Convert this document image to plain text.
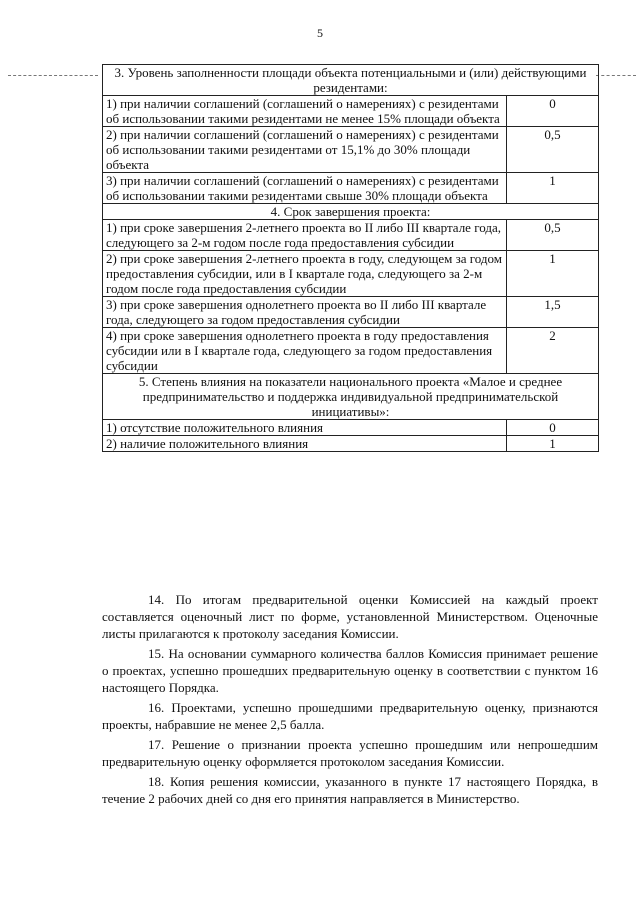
5
3. Уровень заполненности площади объекта потенциальными и (или) действующими резидентами:	
1) при наличии соглашений (соглашений о намерениях) с резидентами об использовании такими резидентами не менее 15% площади объекта	0
2) при наличии соглашений (соглашений о намерениях) с резидентами об использовании такими резидентами от 15,1% до 30% площади объекта	0,5
3) при наличии соглашений (соглашений о намерениях) с резидентами об использовании такими резидентами свыше 30% площади объекта	1
4. Срок завершения проекта:	
1) при сроке завершения 2-летнего проекта во II либо III квартале года, следующего за 2-м годом после года предоставления субсидии	0,5
2) при сроке завершения 2-летнего проекта в году, следующем за годом предоставления субсидии, или в I квартале года, следующего за 2-м годом после года предоставления субсидии	1
3) при сроке завершения однолетнего проекта во II либо III квартале года, следующего за годом предоставления субсидии	1,5
4) при сроке завершения однолетнего проекта в году предоставления субсидии или в I квартале года, следующего за годом предоставления субсидии	2
5. Степень влияния на показатели национального проекта «Малое и среднее предпринимательство и поддержка индивидуальной предпринимательской инициативы»:	
1) отсутствие положительного влияния	0
2) наличие положительного влияния	1

14. По итогам предварительной оценки Комиссией на каждый проект составляется оценочный лист по форме, установленной Министерством. Оценочные листы прилагаются к протоколу заседания Комиссии.

15. На основании суммарного количества баллов Комиссия принимает решение о проектах, успешно прошедших предварительную оценку в соответствии с пунктом 16 настоящего Порядка.

16. Проектами, успешно прошедшими предварительную оценку, признаются проекты, набравшие не менее 2,5 балла.

17. Решение о признании проекта успешно прошедшим или непрошедшим предварительную оценку оформляется протоколом заседания Комиссии.

18. Копия решения комиссии, указанного в пункте 17 настоящего Порядка, в течение 2 рабочих дней со дня его принятия направляется в Министерство.
